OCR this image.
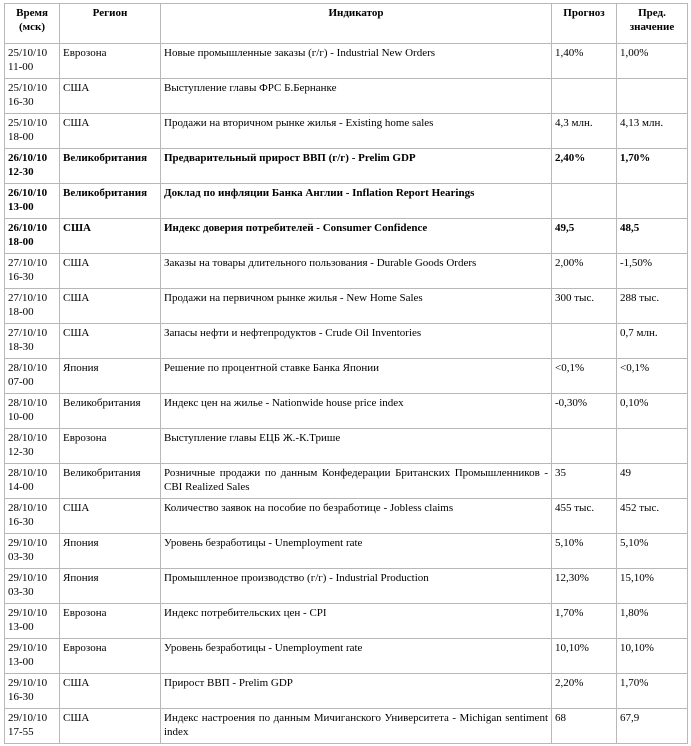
Время (мск)	Регион	Индикатор	Прогноз	Пред. значение
25/10/10 11-00	Еврозона	Новые промышленные заказы (г/г) - Industrial New Orders	1,40%	1,00%
25/10/10 16-30	США	Выступление главы ФРС Б.Бернанке		
25/10/10 18-00	США	Продажи на вторичном рынке жилья - Existing home sales	4,3 млн.	4,13 млн.
26/10/10 12-30	Великобритания	Предварительный прирост ВВП (г/г) - Prelim GDP	2,40%	1,70%
26/10/10 13-00	Великобритания	Доклад по инфляции Банка Англии - Inflation Report Hearings		
26/10/10 18-00	США	Индекс доверия потребителей - Consumer Confidence	49,5	48,5
27/10/10 16-30	США	Заказы на товары длительного пользования - Durable Goods Orders	2,00%	-1,50%
27/10/10 18-00	США	Продажи на первичном рынке жилья - New Home Sales	300 тыс.	288 тыс.
27/10/10 18-30	США	Запасы нефти и нефтепродуктов - Crude Oil Inventories		0,7 млн.
28/10/10 07-00	Япония	Решение по процентной ставке Банка Японии	<0,1%	<0,1%
28/10/10 10-00	Великобритания	Индекс цен на жилье - Nationwide house price index	-0,30%	0,10%
28/10/10 12-30	Еврозона	Выступление главы ЕЦБ Ж.-К.Трише		
28/10/10 14-00	Великобритания	Розничные продажи по данным Конфедерации Британских Промышленников - CBI Realized Sales	35	49
28/10/10 16-30	США	Количество заявок на пособие по безработице - Jobless claims	455 тыс.	452 тыс.
29/10/10 03-30	Япония	Уровень безработицы - Unemployment rate	5,10%	5,10%
29/10/10 03-30	Япония	Промышленное производство (г/г) - Industrial Production	12,30%	15,10%
29/10/10 13-00	Еврозона	Индекс потребительских цен - CPI	1,70%	1,80%
29/10/10 13-00	Еврозона	Уровень безработицы - Unemployment rate	10,10%	10,10%
29/10/10 16-30	США	Прирост ВВП - Prelim GDP	2,20%	1,70%
29/10/10 17-55	США	Индекс настроения по данным Мичиганского Университета - Michigan sentiment index	68	67,9
